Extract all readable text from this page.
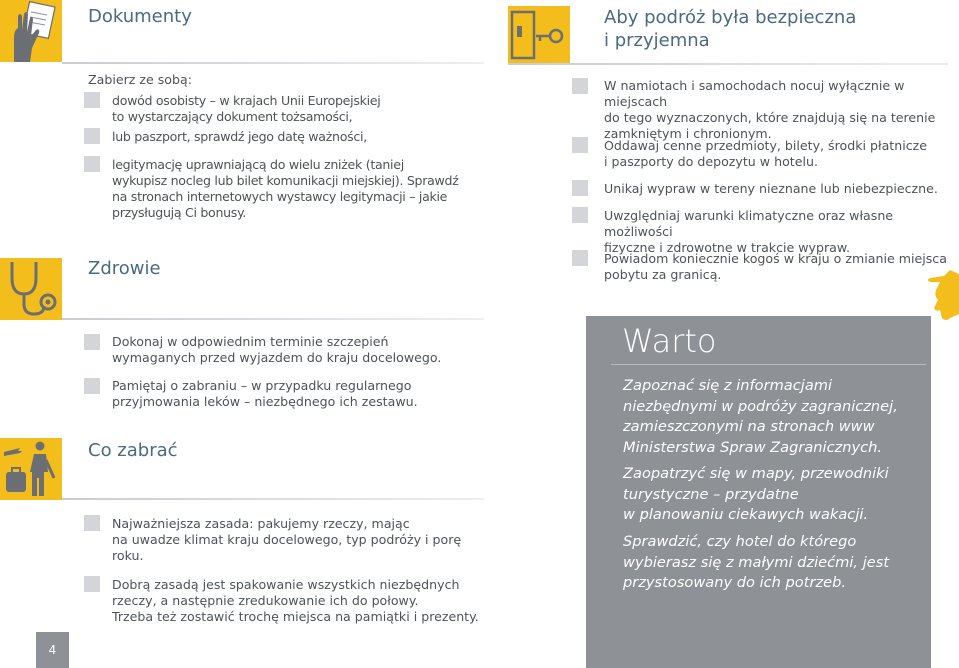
Dokumenty
Zabierz ze sobą:
dowód osobisty – w krajach Unii Europejskiej
to wystarczający dokument tożsamości,
lub paszport, sprawdź jego datę ważności,
legitymację uprawniającą do wielu zniżek (taniej
wykupisz nocleg lub bilet komunikacji miejskiej). Sprawdź
na stronach internetowych wystawcy legitymacji – jakie
przysługują Ci bonusy.
Zdrowie
Dokonaj w odpowiednim terminie szczepień
wymaganych przed wyjazdem do kraju docelowego.
Pamiętaj o zabraniu – w przypadku regularnego
przyjmowania leków – niezbędnego ich zestawu.
Co zabrać
Najważniejsza zasada: pakujemy rzeczy, mając
na uwadze klimat kraju docelowego, typ podróży i porę
roku.
Dobrą zasadą jest spakowanie wszystkich niezbędnych
rzeczy, a następnie zredukowanie ich do połowy.
Trzeba też zostawić trochę miejsca na pamiątki i prezenty.
4
Aby podróż była bezpieczna
i przyjemna
W namiotach i samochodach nocuj wyłącznie w miejscach
do tego wyznaczonych, które znajdują się na terenie
zamkniętym i chronionym.
Oddawaj cenne przedmioty, bilety, środki płatnicze
i paszporty do depozytu w hotelu.
Unikaj wypraw w tereny nieznane lub niebezpieczne.
Uwzględniaj warunki klimatyczne oraz własne możliwości
fizyczne i zdrowotne w trakcie wypraw.
Powiadom koniecznie kogoś w kraju o zmianie miejsca
pobytu za granicą.
Warto
Zapoznać się z informacjami
niezbędnymi w podróży zagranicznej,
zamieszczonymi na stronach www
Ministerstwa Spraw Zagranicznych.
Zaopatrzyć się w mapy, przewodniki
turystyczne – przydatne
w planowaniu ciekawych wakacji.
Sprawdzić, czy hotel do którego
wybierasz się z małymi dziećmi, jest
przystosowany do ich potrzeb.
